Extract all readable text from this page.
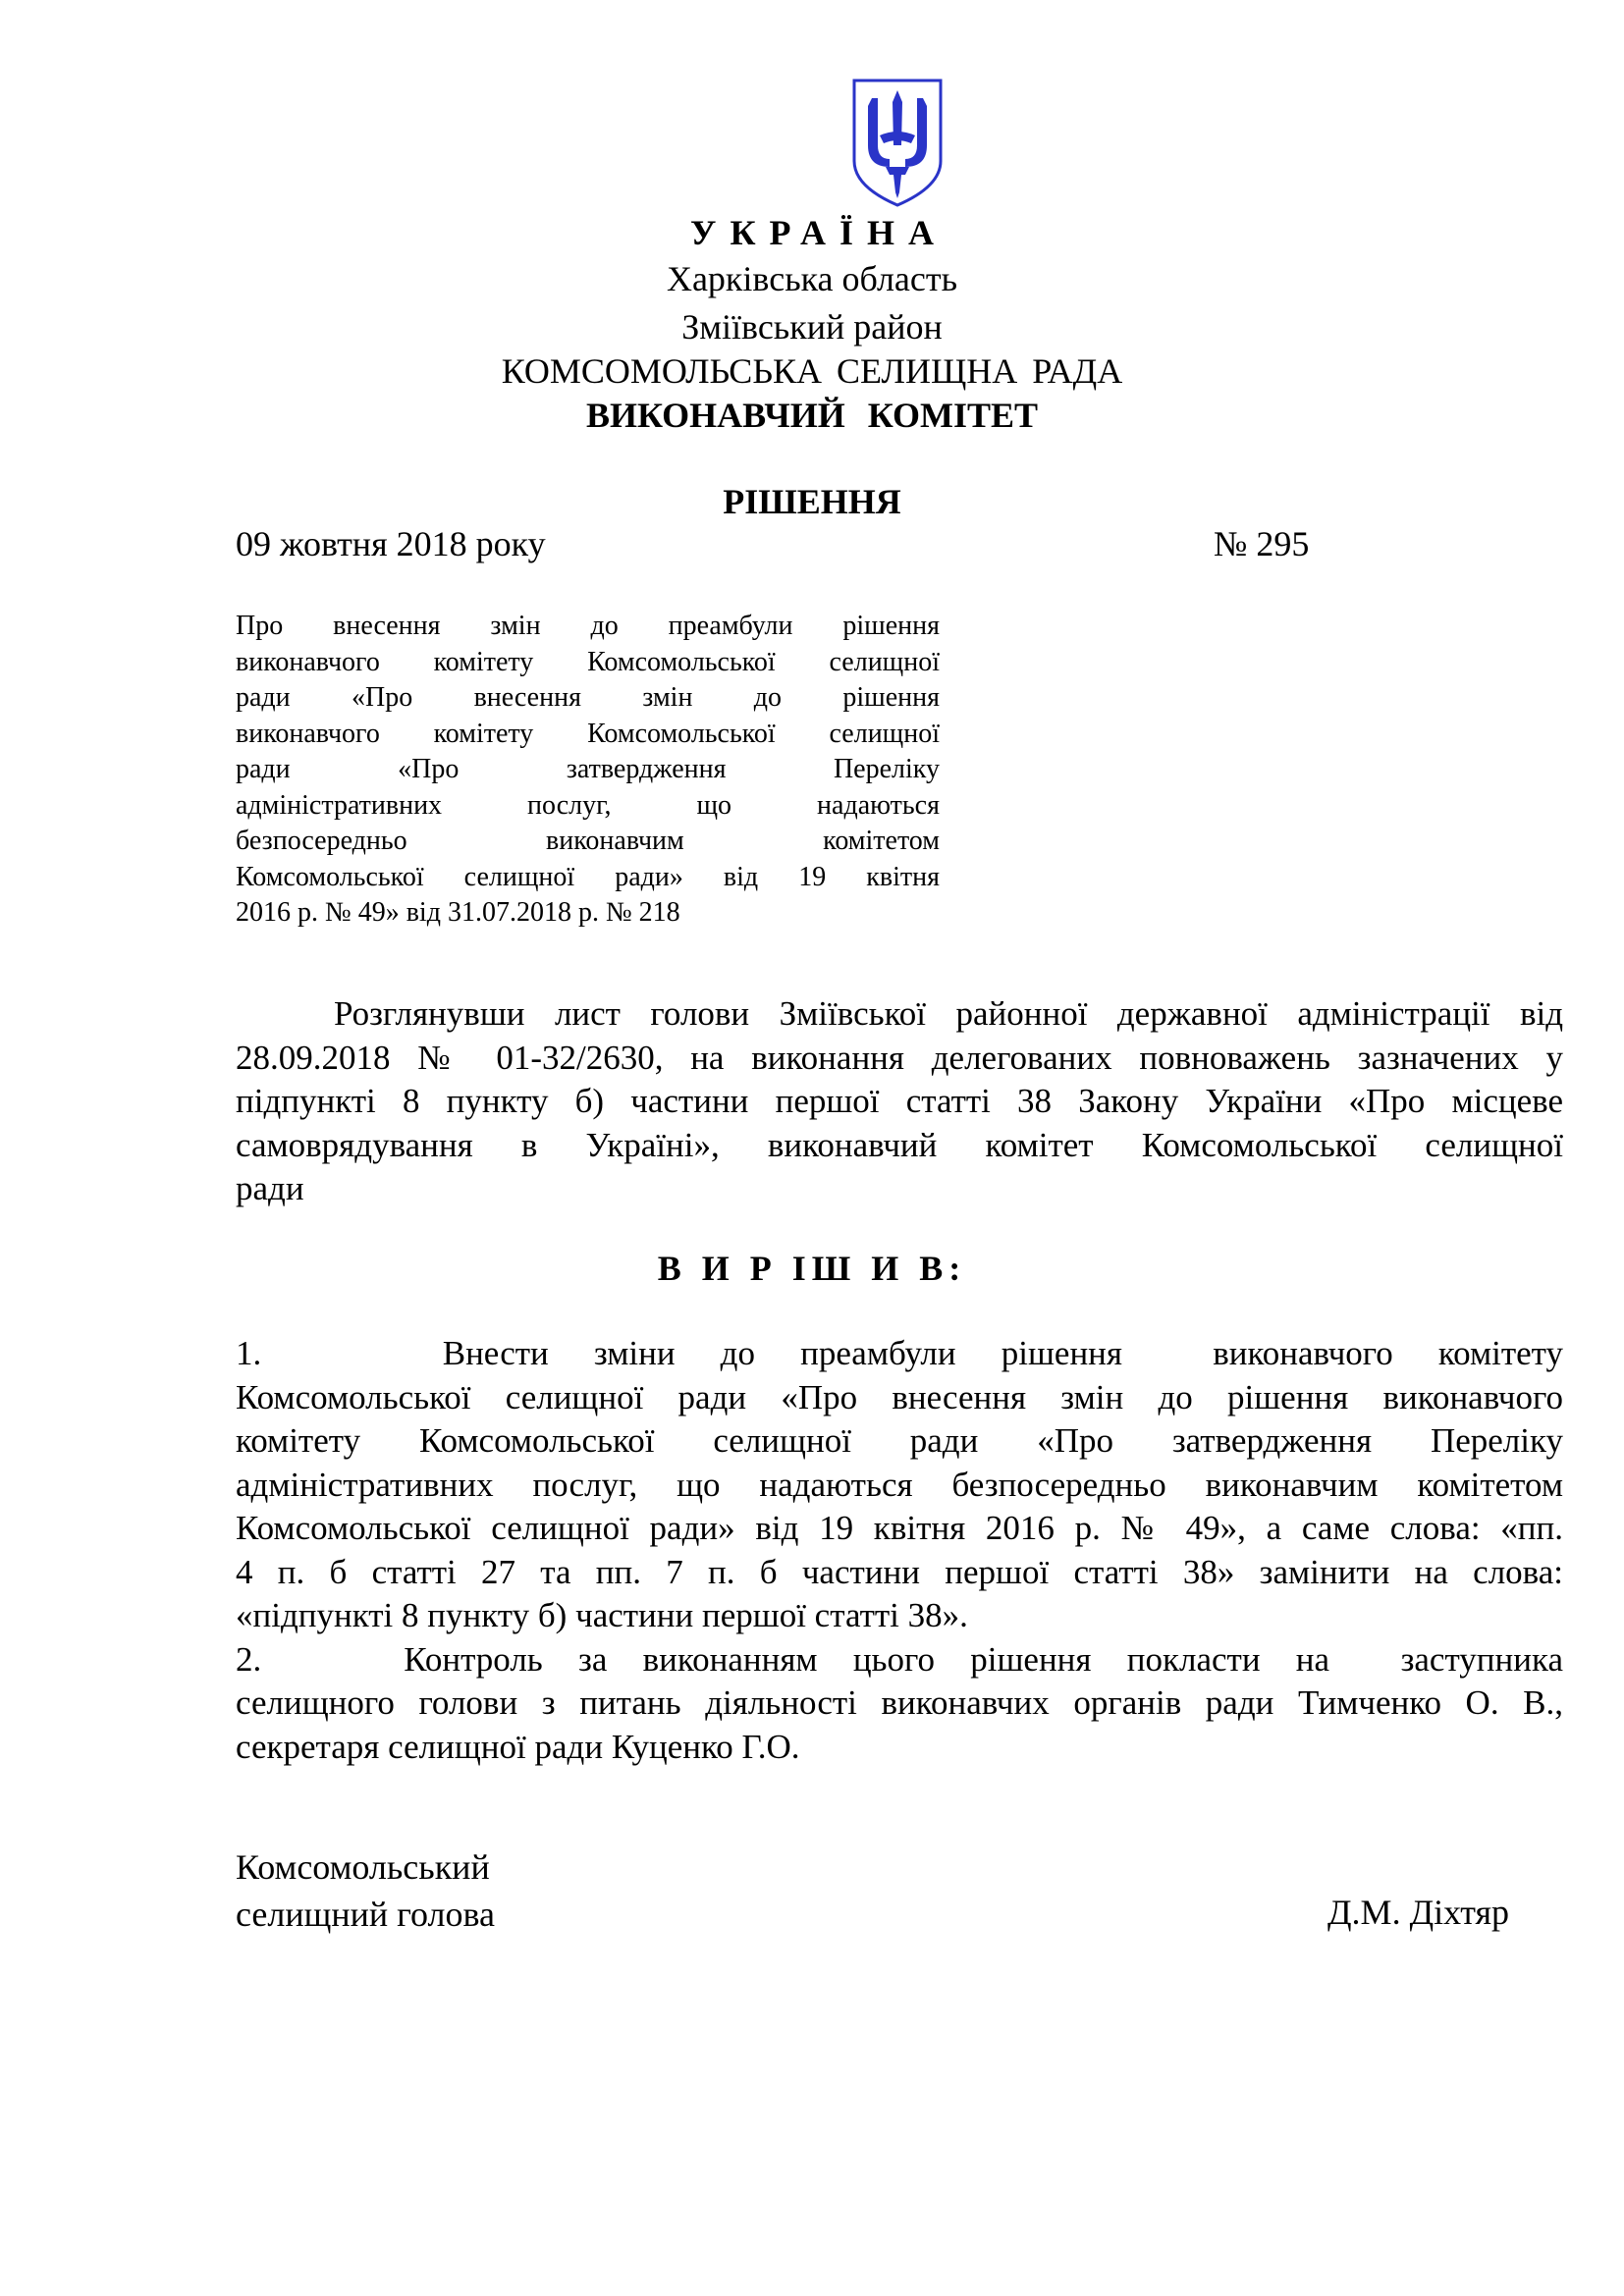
УКРАЇНА
Харківська область
Зміївський район
КОМСОМОЛЬСЬКА СЕЛИЩНА РАДА
ВИКОНАВЧИЙ КОМІТЕТ
РІШЕННЯ
09 жовтня 2018 року	№ 295
Про внесення змін до преамбули рішення
виконавчого комітету Комсомольської селищної
ради «Про внесення змін до рішення
виконавчого комітету Комсомольської селищної
ради «Про затвердження Переліку
адміністративних послуг, що надаються
безпосередньо виконавчим комітетом
Комсомольської селищної ради» від 19 квітня
2016 р. № 49» від 31.07.2018 р. № 218
Розглянувши лист голови Зміївської районної державної адміністрації від
28.09.2018 № 01-32/2630, на виконання делегованих повноважень зазначених у
підпункті 8 пункту б) частини першої статті 38 Закону України «Про місцеве
самоврядування в Україні», виконавчий комітет Комсомольської селищної
ради
В И Р ІШ И В:
1.    Внести зміни до преамбули рішення  виконавчого комітету
Комсомольської селищної ради «Про внесення змін до рішення виконавчого
комітету Комсомольської селищної ради «Про затвердження Переліку
адміністративних послуг, що надаються безпосередньо виконавчим комітетом
Комсомольської селищної ради» від 19 квітня 2016 р. № 49», а саме слова: «пп.
4 п. б статті 27 та пп. 7 п. б частини першої статті 38» замінити на слова:
«підпункті 8 пункту б) частини першої статті 38».
2.    Контроль за виконанням цього рішення покласти на  заступника
селищного голови з питань діяльності виконавчих органів ради Тимченко О. В.,
секретаря селищної ради Куценко Г.О.
Комсомольський
селищний голова	Д.М. Діхтяр
